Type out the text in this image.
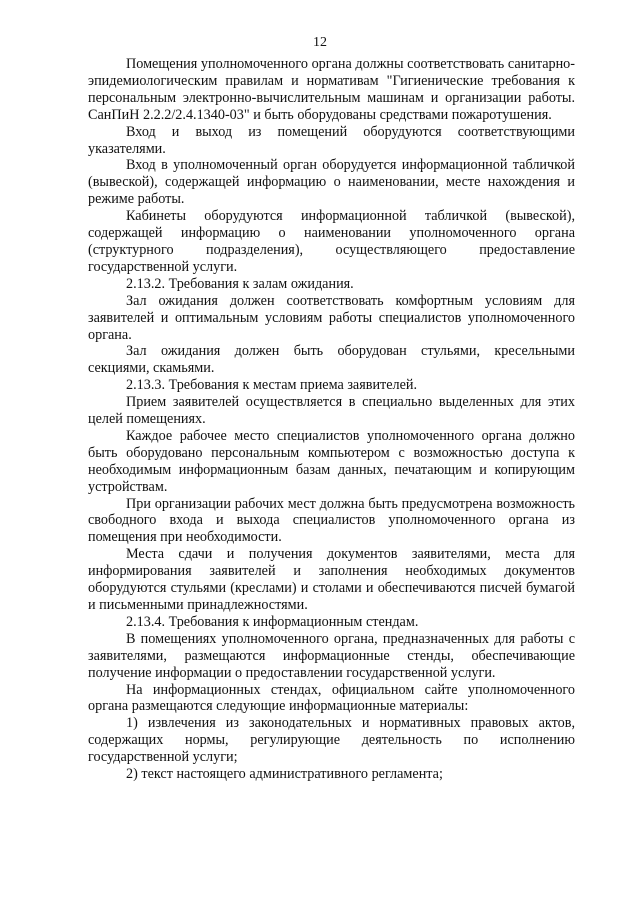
12

Помещения уполномоченного органа должны соответствовать санитарно-эпидемиологическим правилам и нормативам "Гигиенические требования к персональным электронно-вычислительным машинам и организации работы. СанПиН 2.2.2/2.4.1340-03" и быть оборудованы средствами пожаротушения.

Вход и выход из помещений оборудуются соответствующими указателями.

Вход в уполномоченный орган оборудуется информационной табличкой (вывеской), содержащей информацию о наименовании, месте нахождения и режиме работы.

Кабинеты оборудуются информационной табличкой (вывеской), содержащей информацию о наименовании уполномоченного органа (структурного подразделения), осуществляющего предоставление государственной услуги.

2.13.2. Требования к залам ожидания.

Зал ожидания должен соответствовать комфортным условиям для заявителей и оптимальным условиям работы специалистов уполномоченного органа.

Зал ожидания должен быть оборудован стульями, кресельными секциями, скамьями.

2.13.3. Требования к местам приема заявителей.

Прием заявителей осуществляется в специально выделенных для этих целей помещениях.

Каждое рабочее место специалистов уполномоченного органа должно быть оборудовано персональным компьютером с возможностью доступа к необходимым информационным базам данных, печатающим и копирующим устройствам.

При организации рабочих мест должна быть предусмотрена возможность свободного входа и выхода специалистов уполномоченного органа из помещения при необходимости.

Места сдачи и получения документов заявителями, места для информирования заявителей и заполнения необходимых документов оборудуются стульями (креслами) и столами и обеспечиваются писчей бумагой и письменными принадлежностями.

2.13.4. Требования к информационным стендам.

В помещениях уполномоченного органа, предназначенных для работы с заявителями, размещаются информационные стенды, обеспечивающие получение информации о предоставлении государственной услуги.

На информационных стендах, официальном сайте уполномоченного органа размещаются следующие информационные материалы:

1) извлечения из законодательных и нормативных правовых актов, содержащих нормы, регулирующие деятельность по исполнению государственной услуги;

2) текст настоящего административного регламента;
